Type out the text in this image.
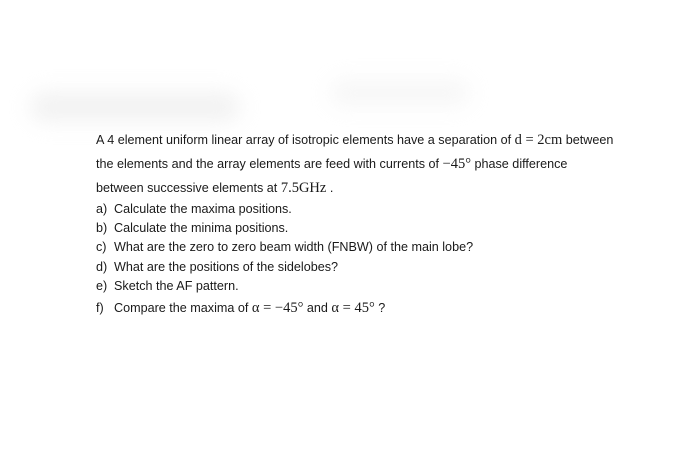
A 4 element uniform linear array of isotropic elements have a separation of d = 2cm between
the elements and the array elements are feed with currents of −45° phase difference
between successive elements at 7.5GHz .
a) Calculate the maxima positions.
b) Calculate the minima positions.
c) What are the zero to zero beam width (FNBW) of the main lobe?
d) What are the positions of the sidelobes?
e) Sketch the AF pattern.
f) Compare the maxima of α = −45° and α = 45° ?
